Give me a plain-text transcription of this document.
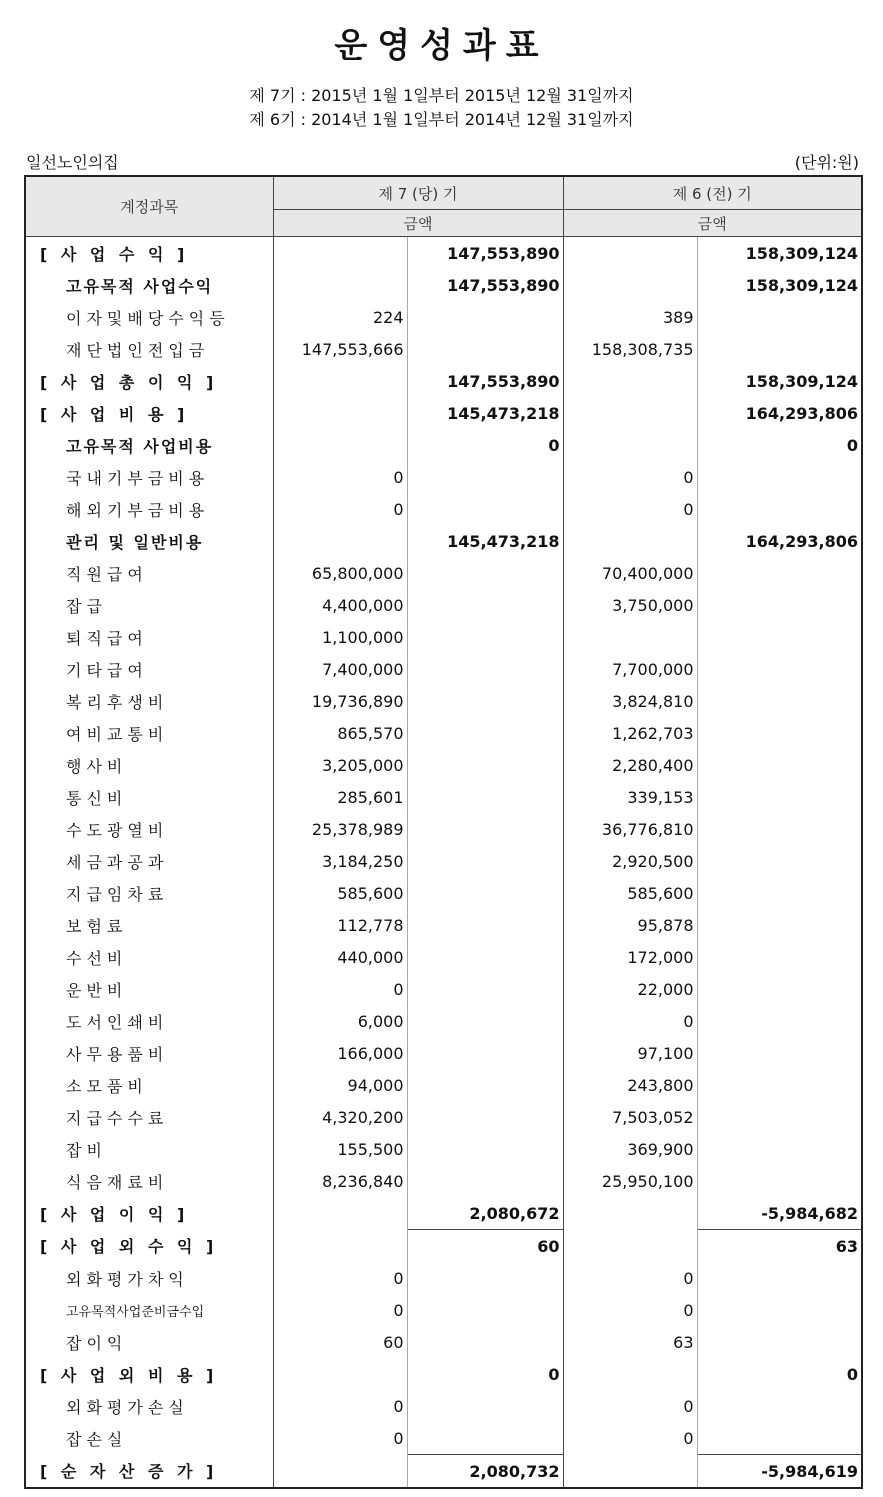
운영성과표
제 7기 : 2015년 1월 1일부터 2015년 12월 31일까지
제 6기 : 2014년 1월 1일부터 2014년 12월 31일까지
일선노인의집	(단위:원)
계정과목	제 7 (당) 기		제 6 (전) 기	
	금액		금액	
[ 사 업 수 익 ]		147,553,890		158,309,124
고유목적 사업수익		147,553,890		158,309,124
이자및배당수익등	224		389	
재단법인전입금	147,553,666		158,308,735	
[ 사 업 총 이 익 ]		147,553,890		158,309,124
[ 사 업 비 용 ]		145,473,218		164,293,806
고유목적 사업비용		0		0
국내기부금비용	0		0	
해외기부금비용	0		0	
관리 및 일반비용		145,473,218		164,293,806
직원급여	65,800,000		70,400,000	
잡급	4,400,000		3,750,000	
퇴직급여	1,100,000			
기타급여	7,400,000		7,700,000	
복리후생비	19,736,890		3,824,810	
여비교통비	865,570		1,262,703	
행사비	3,205,000		2,280,400	
통신비	285,601		339,153	
수도광열비	25,378,989		36,776,810	
세금과공과	3,184,250		2,920,500	
지급임차료	585,600		585,600	
보험료	112,778		95,878	
수선비	440,000		172,000	
운반비	0		22,000	
도서인쇄비	6,000		0	
사무용품비	166,000		97,100	
소모품비	94,000		243,800	
지급수수료	4,320,200		7,503,052	
잡비	155,500		369,900	
식음재료비	8,236,840		25,950,100	
[ 사 업 이 익 ]		2,080,672		-5,984,682
[ 사 업 외 수 익 ]		60		63
외화평가차익	0		0	
고유목적사업준비금수입	0		0	
잡이익	60		63	
[ 사 업 외 비 용 ]		0		0
외화평가손실	0		0	
잡손실	0		0	
[ 순 자 산 증 가 ]		2,080,732		-5,984,619
